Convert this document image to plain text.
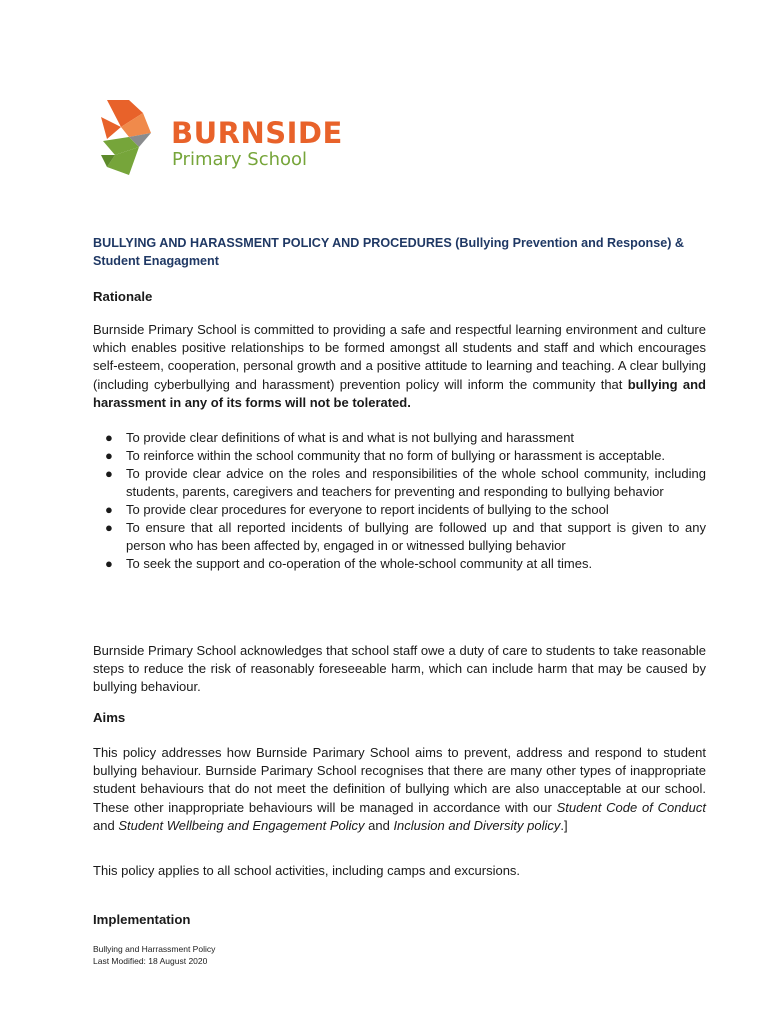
BURNSIDE
Primary School
BULLYING AND HARASSMENT POLICY AND PROCEDURES (Bullying Prevention and Response) & Student Enagagment
Rationale
Burnside Primary School is committed to providing a safe and respectful learning environment and culture which enables positive relationships to be formed amongst all students and staff and which encourages self-esteem, cooperation, personal growth and a positive attitude to learning and teaching. A clear bullying (including cyberbullying and harassment) prevention policy will inform the community that bullying and harassment in any of its forms will not be tolerated.
● To provide clear definitions of what is and what is not bullying and harassment
● To reinforce within the school community that no form of bullying or harassment is acceptable.
● To provide clear advice on the roles and responsibilities of the whole school community, including students, parents, caregivers and teachers for preventing and responding to bullying behavior
● To provide clear procedures for everyone to report incidents of bullying to the school
● To ensure that all reported incidents of bullying are followed up and that support is given to any person who has been affected by, engaged in or witnessed bullying behavior
● To seek the support and co-operation of the whole-school community at all times.
Burnside Primary School acknowledges that school staff owe a duty of care to students to take reasonable steps to reduce the risk of reasonably foreseeable harm, which can include harm that may be caused by bullying behaviour.
Aims
This policy addresses how Burnside Parimary School aims to prevent, address and respond to student bullying behaviour. Burnside Parimary School recognises that there are many other types of inappropriate student behaviours that do not meet the definition of bullying which are also unacceptable at our school. These other inappropriate behaviours will be managed in accordance with our Student Code of Conduct and Student Wellbeing and Engagement Policy and Inclusion and Diversity policy.]
This policy applies to all school activities, including camps and excursions.
Implementation
Bullying and Harrassment Policy
Last Modified: 18 August 2020
